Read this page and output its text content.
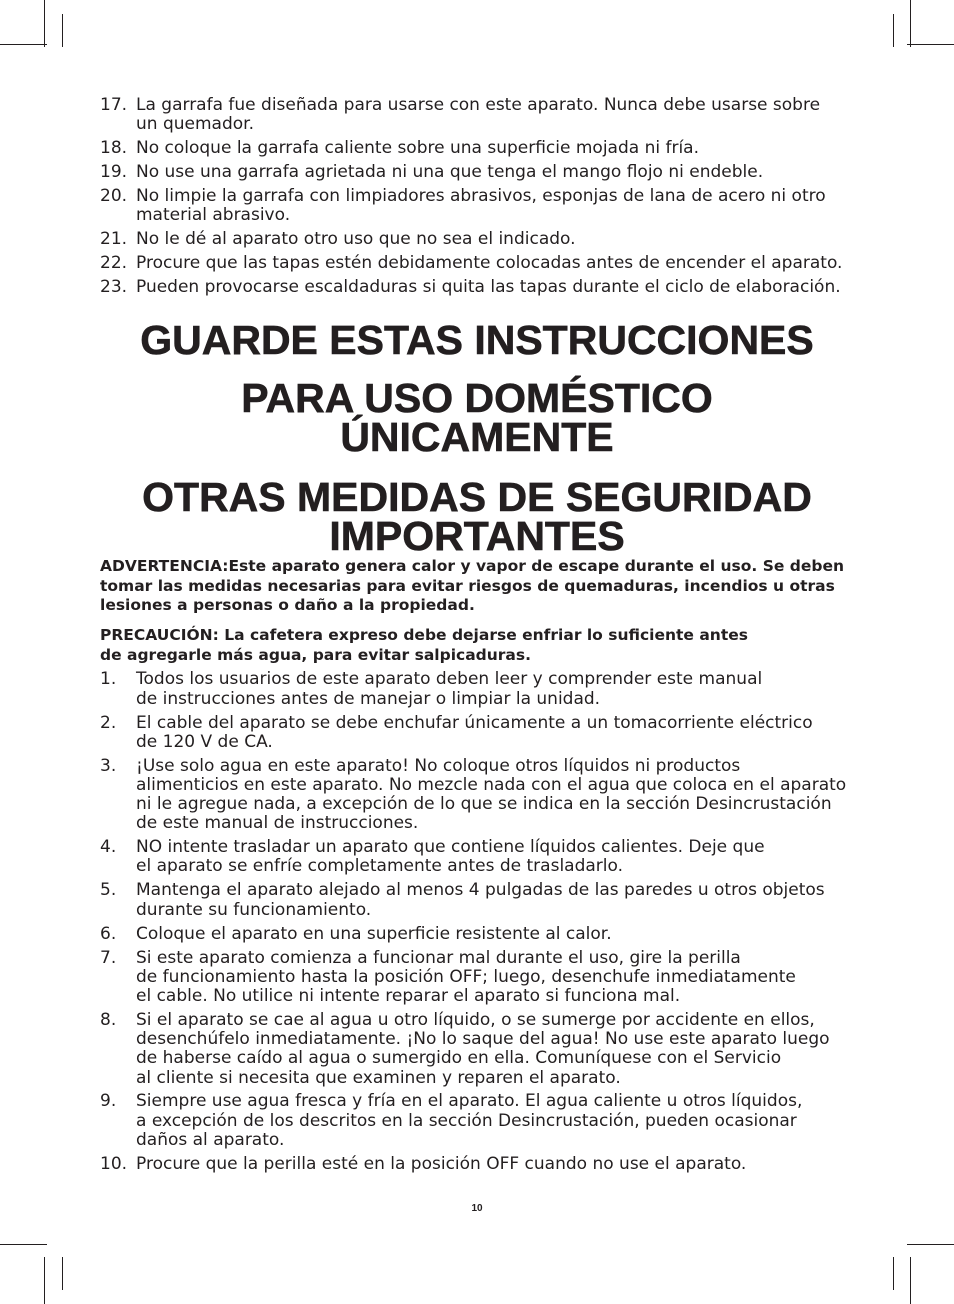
17. La garrafa fue diseñada para usarse con este aparato. Nunca debe usarse sobre
un quemador.
18. No coloque la garrafa caliente sobre una superficie mojada ni fría.
19. No use una garrafa agrietada ni una que tenga el mango flojo ni endeble.
20. No limpie la garrafa con limpiadores abrasivos, esponjas de lana de acero ni otro
material abrasivo.
21. No le dé al aparato otro uso que no sea el indicado.
22. Procure que las tapas estén debidamente colocadas antes de encender el aparato.
23. Pueden provocarse escaldaduras si quita las tapas durante el ciclo de elaboración.
GUARDE ESTAS INSTRUCCIONES
PARA USO DOMÉSTICO
ÚNICAMENTE
OTRAS MEDIDAS DE SEGURIDAD
IMPORTANTES
ADVERTENCIA:Este aparato genera calor y vapor de escape durante el uso. Se deben
tomar las medidas necesarias para evitar riesgos de quemaduras, incendios u otras
lesiones a personas o daño a la propiedad.
PRECAUCIÓN: La cafetera expreso debe dejarse enfriar lo suficiente antes
de agregarle más agua, para evitar salpicaduras.
1.	Todos los usuarios de este aparato deben leer y comprender este manual
de instrucciones antes de manejar o limpiar la unidad.
2.	El cable del aparato se debe enchufar únicamente a un tomacorriente eléctrico
de 120 V de CA.
3.	¡Use solo agua en este aparato! No coloque otros líquidos ni productos
alimenticios en este aparato. No mezcle nada con el agua que coloca en el aparato
ni le agregue nada, a excepción de lo que se indica en la sección Desincrustación
de este manual de instrucciones.
4.	NO intente trasladar un aparato que contiene líquidos calientes. Deje que
el aparato se enfríe completamente antes de trasladarlo.
5.	Mantenga el aparato alejado al menos 4 pulgadas de las paredes u otros objetos
durante su funcionamiento.
6.	Coloque el aparato en una superficie resistente al calor.
7.	Si este aparato comienza a funcionar mal durante el uso, gire la perilla
de funcionamiento hasta la posición OFF; luego, desenchufe inmediatamente
el cable. No utilice ni intente reparar el aparato si funciona mal.
8.	Si el aparato se cae al agua u otro líquido, o se sumerge por accidente en ellos,
desenchúfelo inmediatamente. ¡No lo saque del agua! No use este aparato luego
de haberse caído al agua o sumergido en ella. Comuníquese con el Servicio
al cliente si necesita que examinen y reparen el aparato.
9.	Siempre use agua fresca y fría en el aparato. El agua caliente u otros líquidos,
a excepción de los descritos en la sección Desincrustación, pueden ocasionar
daños al aparato.
10. Procure que la perilla esté en la posición OFF cuando no use el aparato.
10
